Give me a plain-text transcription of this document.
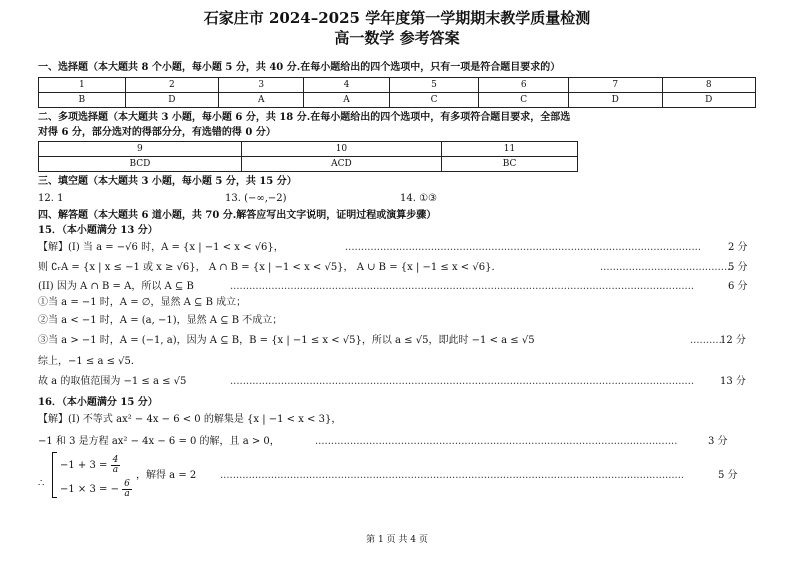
石家庄市 2024–2025 学年度第一学期期末教学质量检测
高一数学 参考答案
一、选择题（本大题共 8 个小题，每小题 5 分，共 40 分.在每小题给出的四个选项中，只有一项是符合题目要求的）
1	2	3	4	5	6	7	8
B	D	A	A	C	C	D	D
二、多项选择题（本大题共 3 小题，每小题 6 分，共 18 分.在每小题给出的四个选项中，有多项符合题目要求，全部选
对得 6 分，部分选对的得部分分，有选错的得 0 分）
9	10	11
BCD	ACD	BC
三、填空题（本大题共 3 小题，每小题 5 分，共 15 分）
12. 1	13. (−∞,−2)	14. ①③
四、解答题（本大题共 6 道小题，共 70 分.解答应写出文字说明，证明过程或演算步骤）
15．（本小题满分 13 分）
【解】(I) 当 a = −√6 时，A = {x | −1 < x < √6}，	................................................................................................................	2 分
则 ∁ᵣA = {x | x ≤ −1 或 x ≥ √6}， A ∩ B = {x | −1 < x < √5}， A ∪ B = {x | −1 ≤ x < √6}．	..........................................
5 分
(II) 因为 A ∩ B = A，所以 A ⊆ B	..................................................................................................................................................	6 分
①当 a = −1 时，A = ∅，显然 A ⊆ B 成立；
②当 a < −1 时，A = (a, −1)，显然 A ⊆ B 不成立；
③当 a > −1 时，A = (−1, a)，因为 A ⊆ B，B = {x | −1 ≤ x < √5}，所以 a ≤ √5，即此时 −1 < a ≤ √5	..........
12 分
综上，−1 ≤ a ≤ √5．
故 a 的取值范围为 −1 ≤ a ≤ √5	..................................................................................................................................................	13 分
16．（本小题满分 15 分）
【解】(I) 不等式 ax² − 4x − 6 < 0 的解集是 {x | −1 < x < 3}，
−1 和 3 是方程 ax² − 4x − 6 = 0 的解，且 a > 0，	..................................................................................................................	3 分
∴
$-1 + 3 = \frac{4}{a}$
−1 × 3 = − $\frac{6}{a}$
，解得 a = 2 ..................................................................................................................................................	5 分
第 1 页 共 4 页
